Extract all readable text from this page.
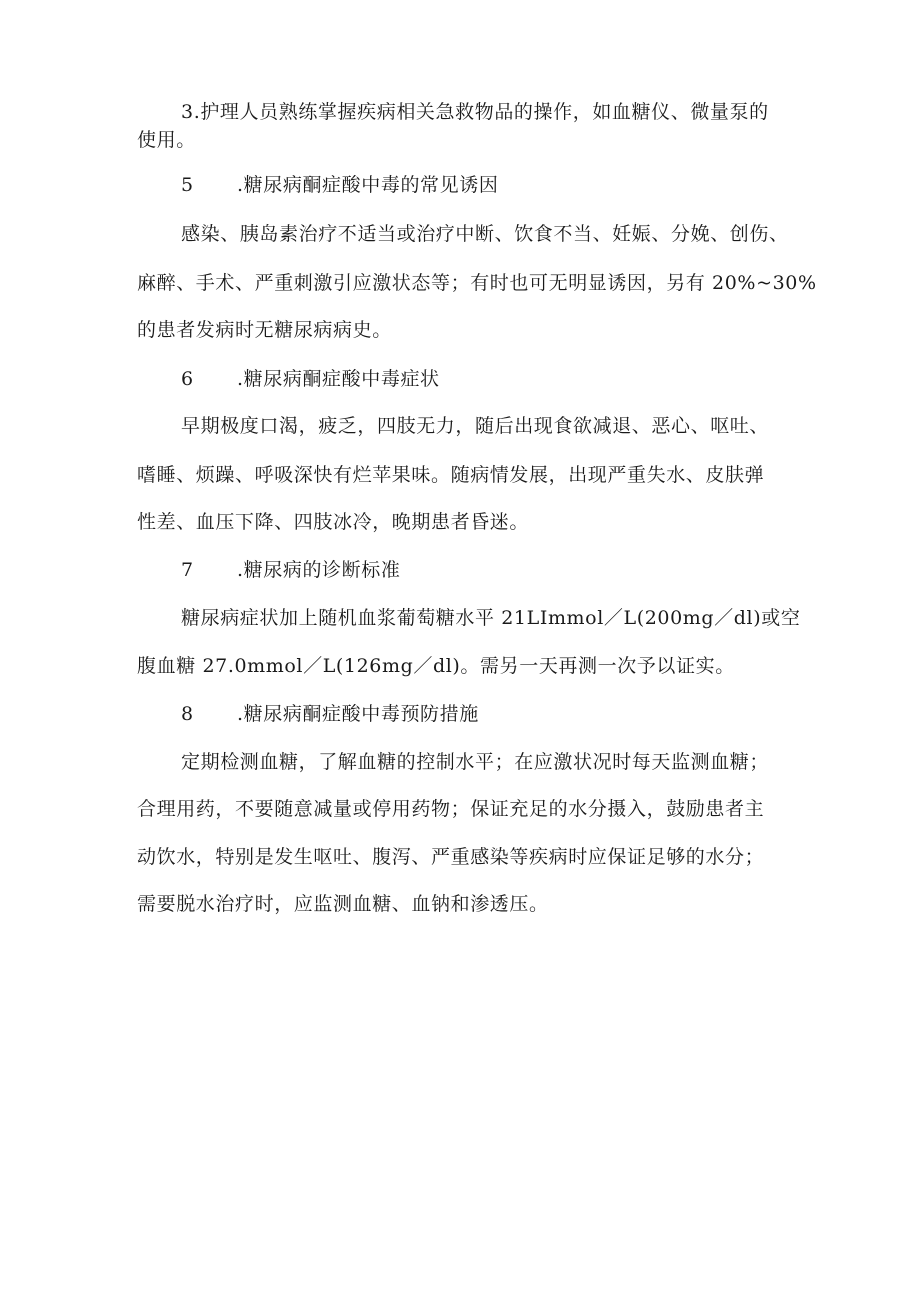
3.护理人员熟练掌握疾病相关急救物品的操作，如血糖仪、微量泵的
使用。
5 .糖尿病酮症酸中毒的常见诱因
感染、胰岛素治疗不适当或治疗中断、饮食不当、妊娠、分娩、创伤、
麻醉、手术、严重刺激引应激状态等；有时也可无明显诱因，另有 20%~30%
的患者发病时无糖尿病病史。
6 .糖尿病酮症酸中毒症状
早期极度口渴，疲乏，四肢无力，随后出现食欲减退、恶心、呕吐、
嗜睡、烦躁、呼吸深快有烂苹果味。随病情发展，出现严重失水、皮肤弹
性差、血压下降、四肢冰冷，晚期患者昏迷。
7 .糖尿病的诊断标准
糖尿病症状加上随机血浆葡萄糖水平 21LImmol／L(200mg／dl)或空
腹血糖 27.0mmol／L(126mg／dl)。需另一天再测一次予以证实。
8 .糖尿病酮症酸中毒预防措施
定期检测血糖，了解血糖的控制水平；在应激状况时每天监测血糖；
合理用药，不要随意减量或停用药物；保证充足的水分摄入，鼓励患者主
动饮水，特别是发生呕吐、腹泻、严重感染等疾病时应保证足够的水分；
需要脱水治疗时，应监测血糖、血钠和渗透压。
